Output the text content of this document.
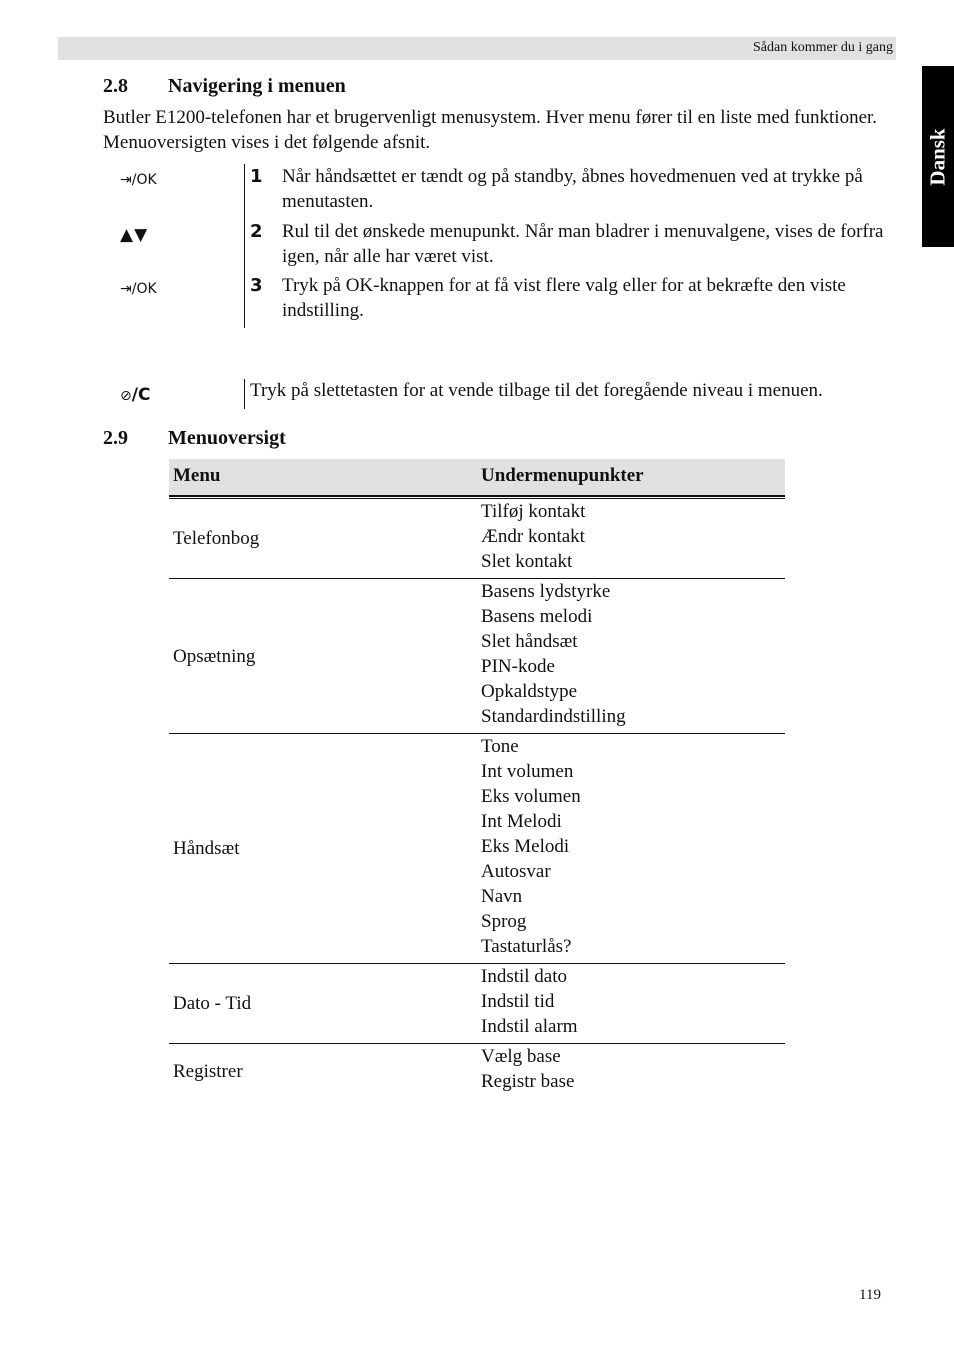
Sådan kommer du i gang
Dansk
2.8 Navigering i menuen
Butler E1200-telefonen har et brugervenligt menusystem. Hver menu fører til en liste med funktioner. Menuoversigten vises i det følgende afsnit.
⇥/OK
▲▼
⇥/OK
⊘/C
1 Når håndsættet er tændt og på standby, åbnes hovedmenuen ved at trykke på menutasten.
2 Rul til det ønskede menupunkt. Når man bladrer i menuvalgene, vises de forfra igen, når alle har været vist.
3 Tryk på OK-knappen for at få vist flere valg eller for at bekræfte den viste indstilling.
Tryk på slettetasten for at vende tilbage til det foregående niveau i menuen.
2.9 Menuoversigt
Menu	Undermenupunkter
Telefonbog
Tilføj kontakt
Ændr kontakt
Slet kontakt
Opsætning
Basens lydstyrke
Basens melodi
Slet håndsæt
PIN-kode
Opkaldstype
Standardindstilling
Håndsæt
Tone
Int volumen
Eks volumen
Int Melodi
Eks Melodi
Autosvar
Navn
Sprog
Tastaturlås?
Dato - Tid
Indstil dato
Indstil tid
Indstil alarm
Registrer
Vælg base
Registr base
119
